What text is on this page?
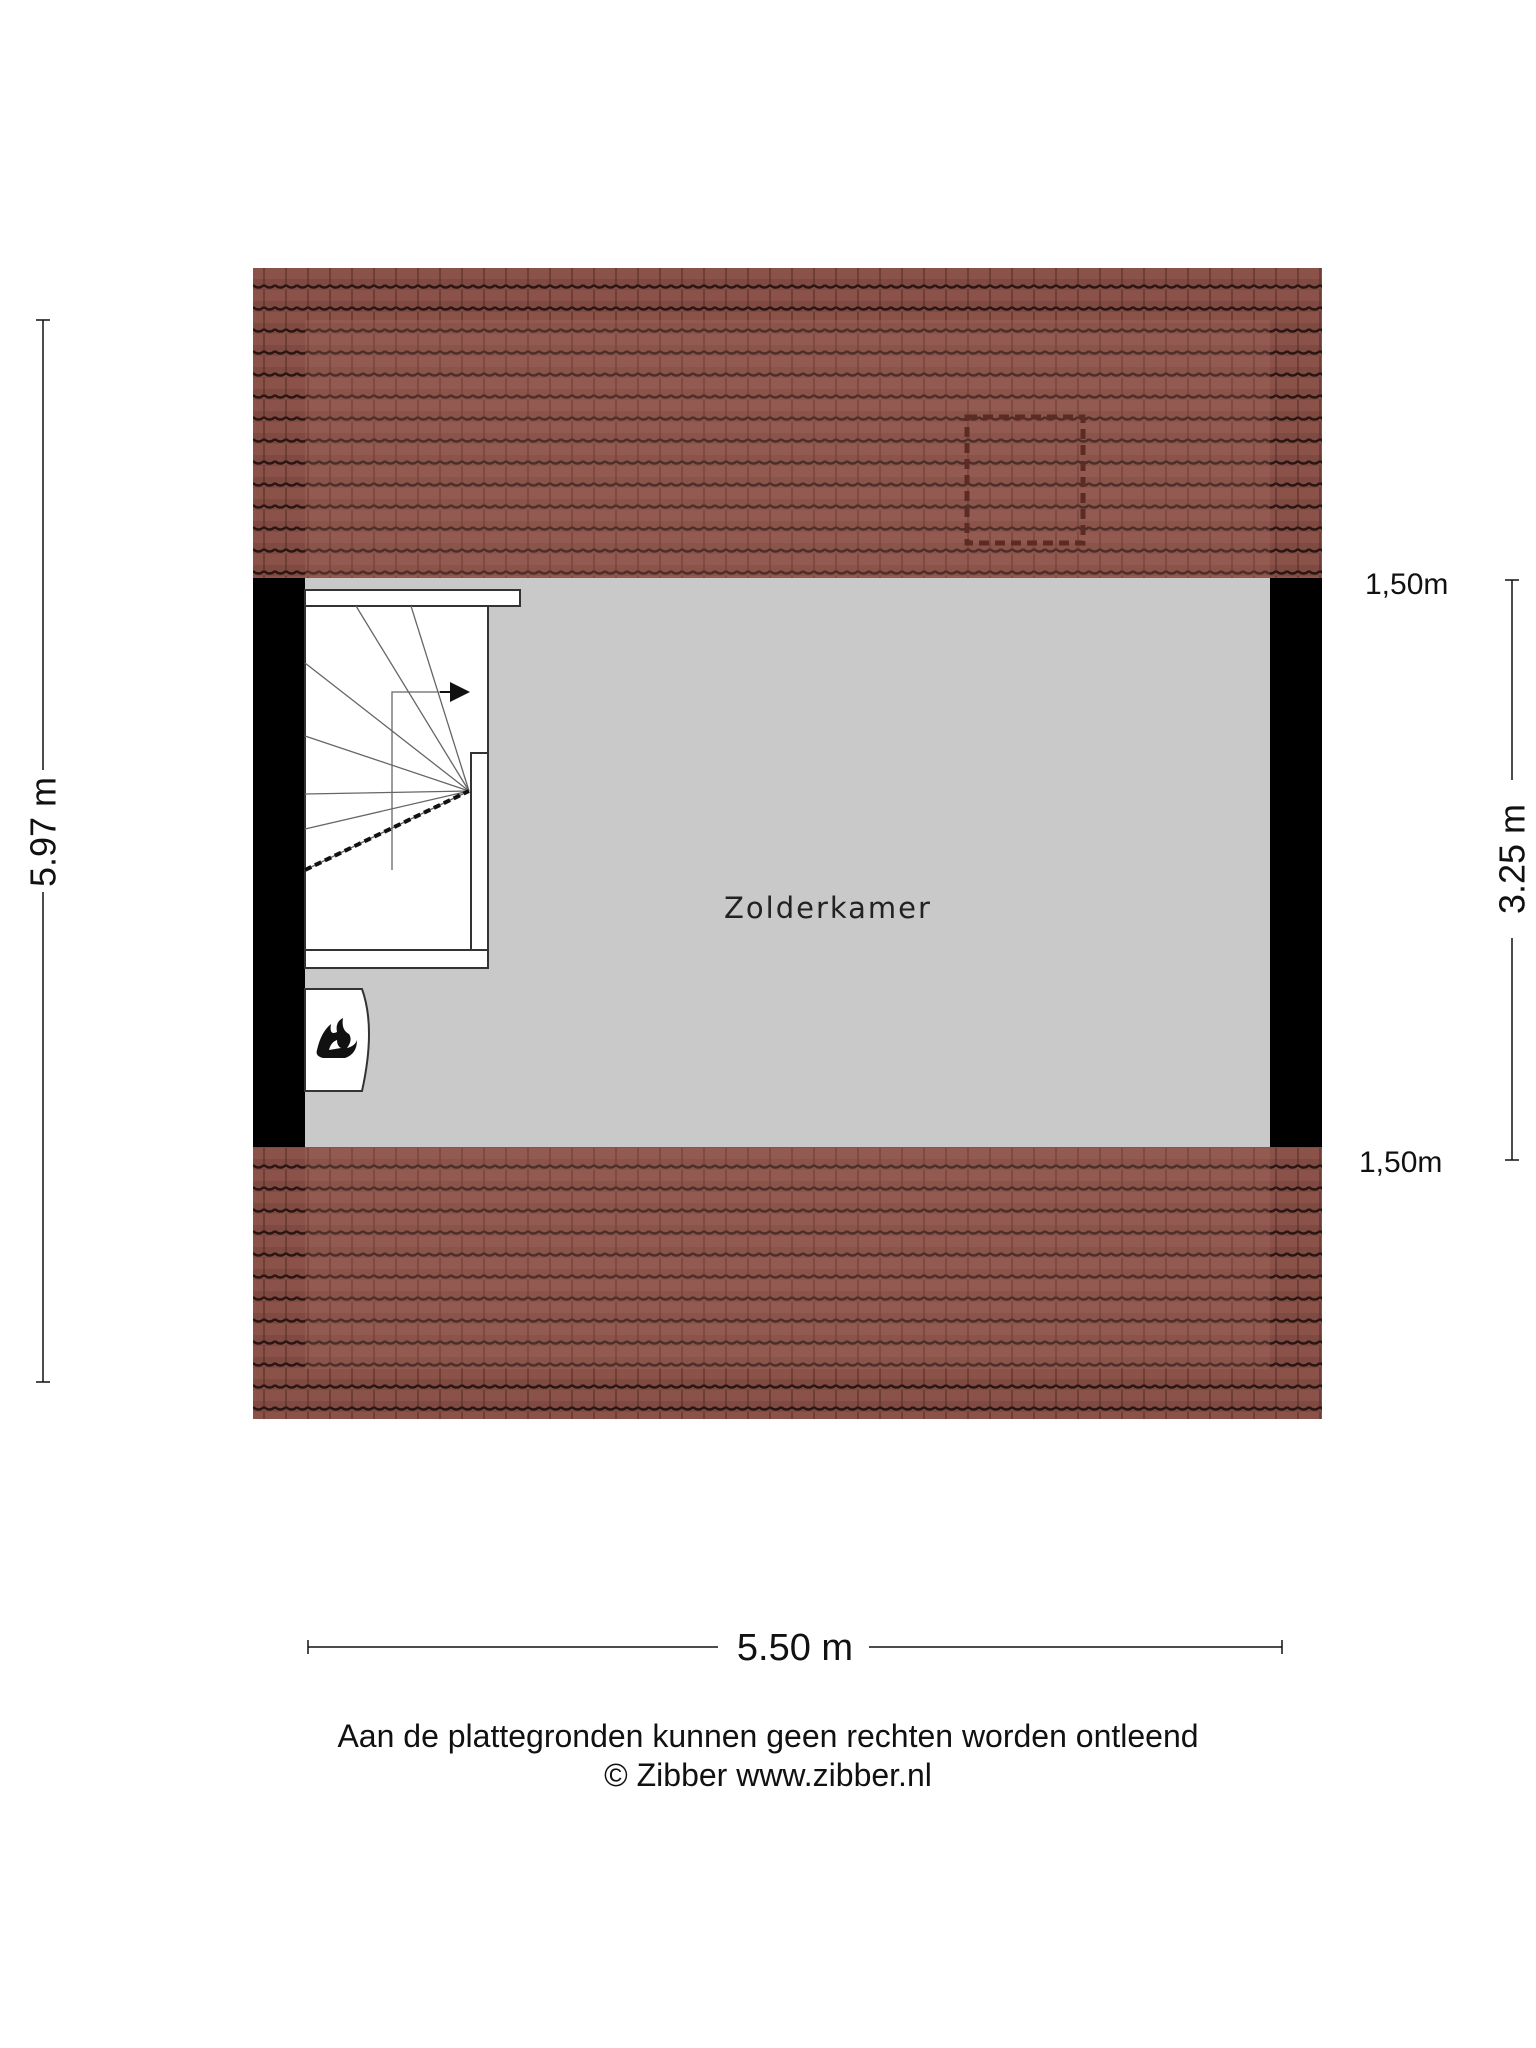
5.97 m	3.25 m
1,50m
1,50m
Zolderkamer
5.50 m
Aan de plattegronden kunnen geen rechten worden ontleend
© Zibber www.zibber.nl
